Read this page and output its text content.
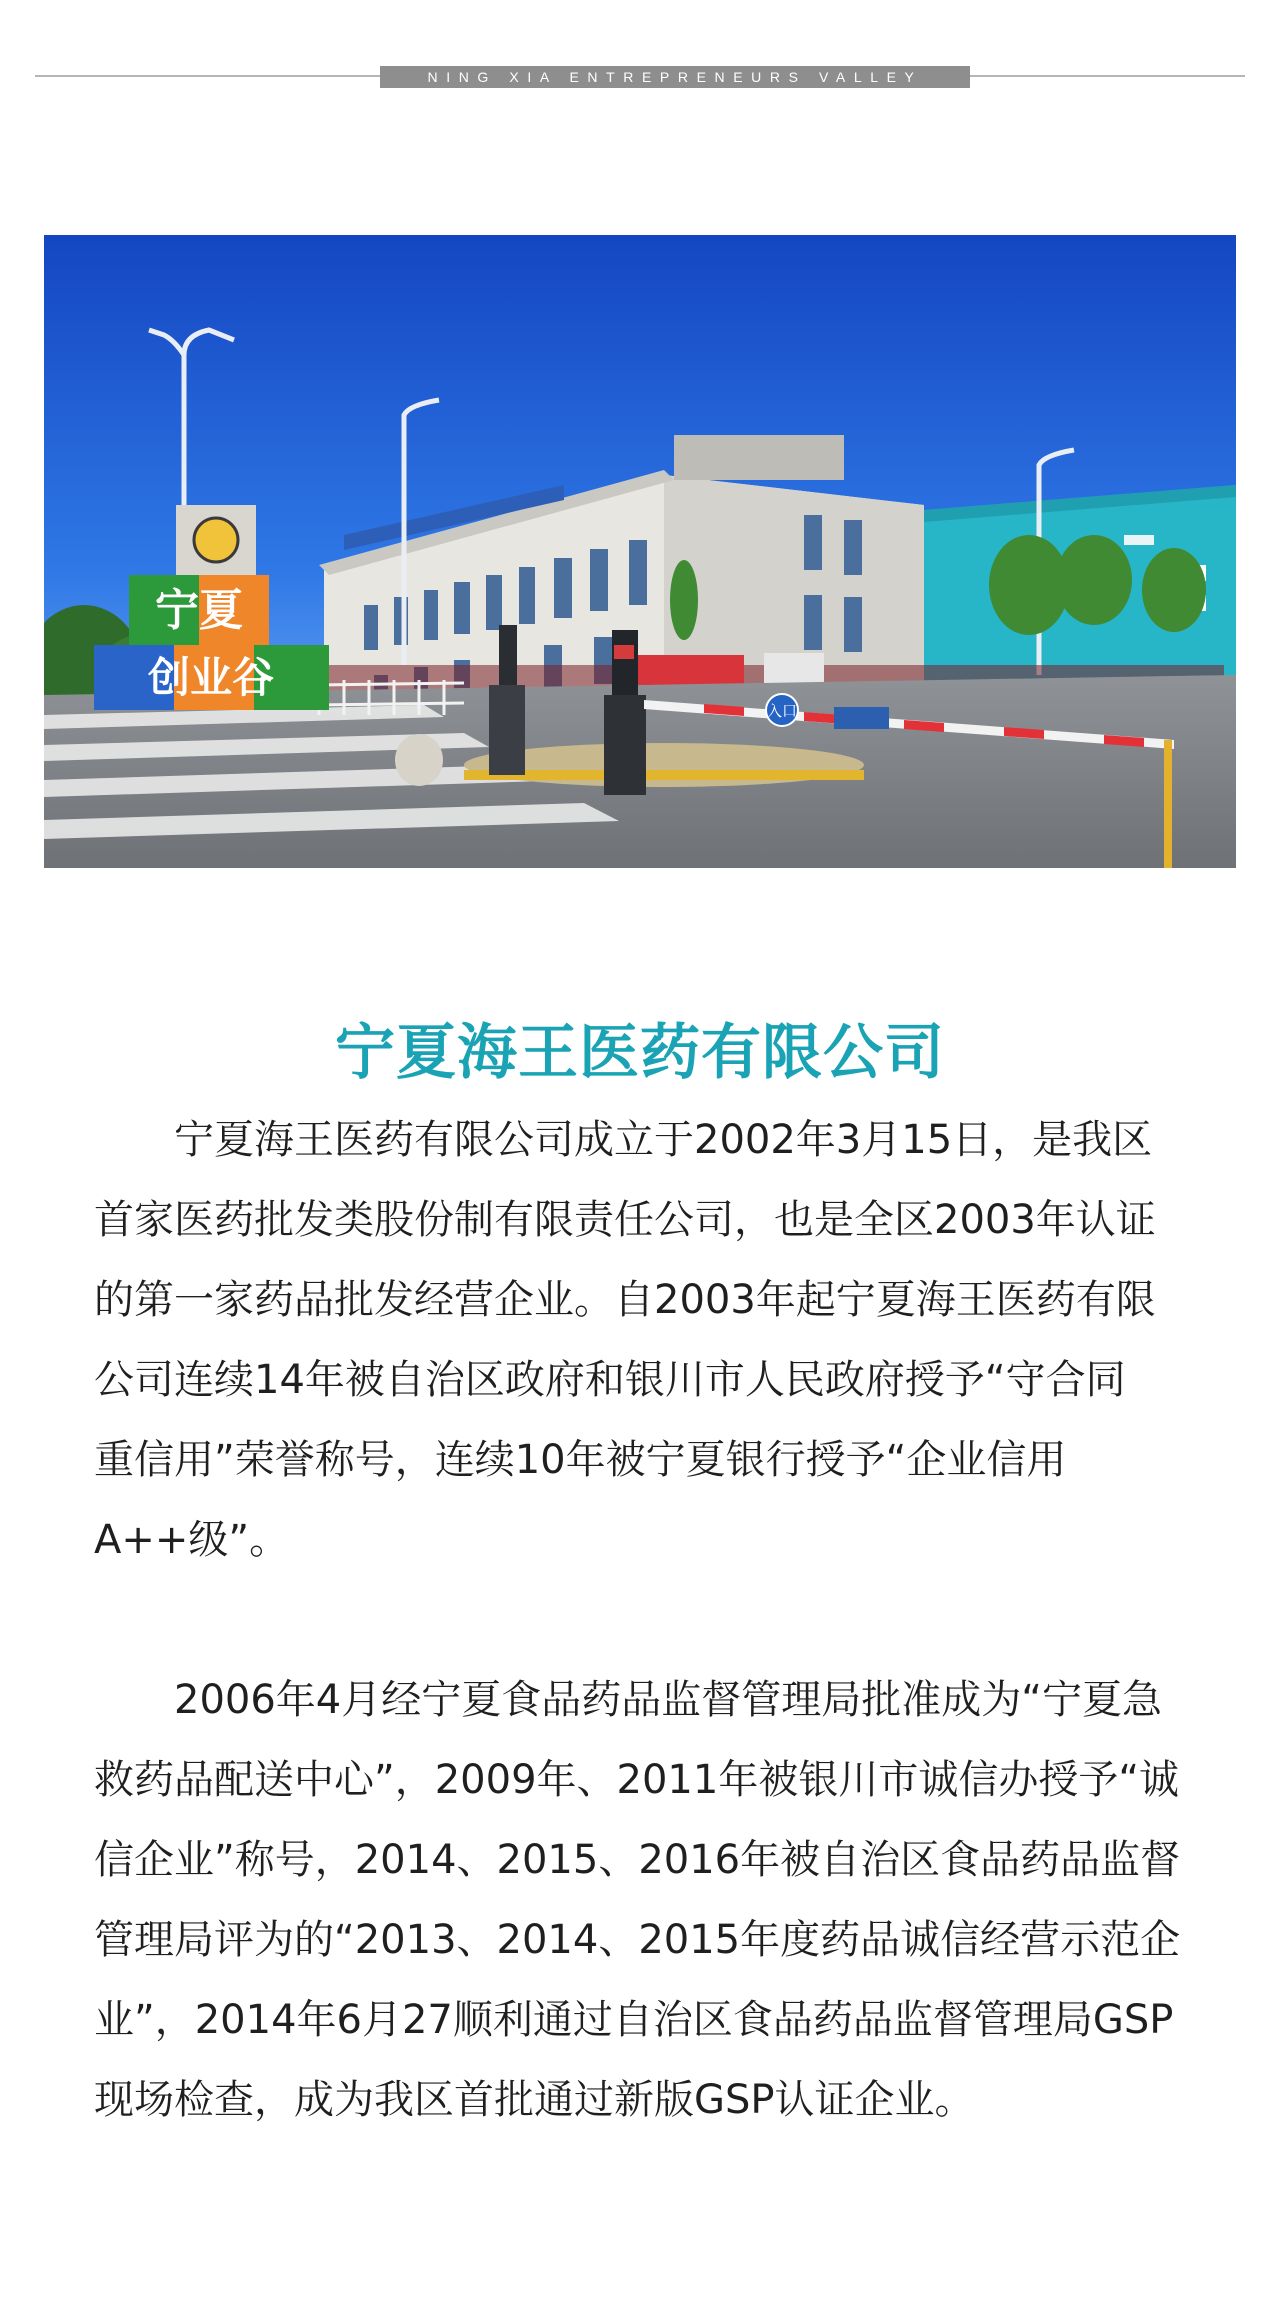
NING XIA ENTREPRENEURS VALLEY
入口
宁夏
创业谷
宁夏海王医药有限公司

宁夏海王医药有限公司成立于2002年3月15日，是我区首家医药批发类股份制有限责任公司，也是全区2003年认证的第一家药品批发经营企业。自2003年起宁夏海王医药有限公司连续14年被自治区政府和银川市人民政府授予“守合同　重信用”荣誉称号，连续10年被宁夏银行授予“企业信用A++级”。

2006年4月经宁夏食品药品监督管理局批准成为“宁夏急救药品配送中心”，2009年、2011年被银川市诚信办授予“诚信企业”称号，2014、2015、2016年被自治区食品药品监督管理局评为的“2013、2014、2015年度药品诚信经营示范企业”，2014年6月27顺利通过自治区食品药品监督管理局GSP现场检查，成为我区首批通过新版GSP认证企业。
